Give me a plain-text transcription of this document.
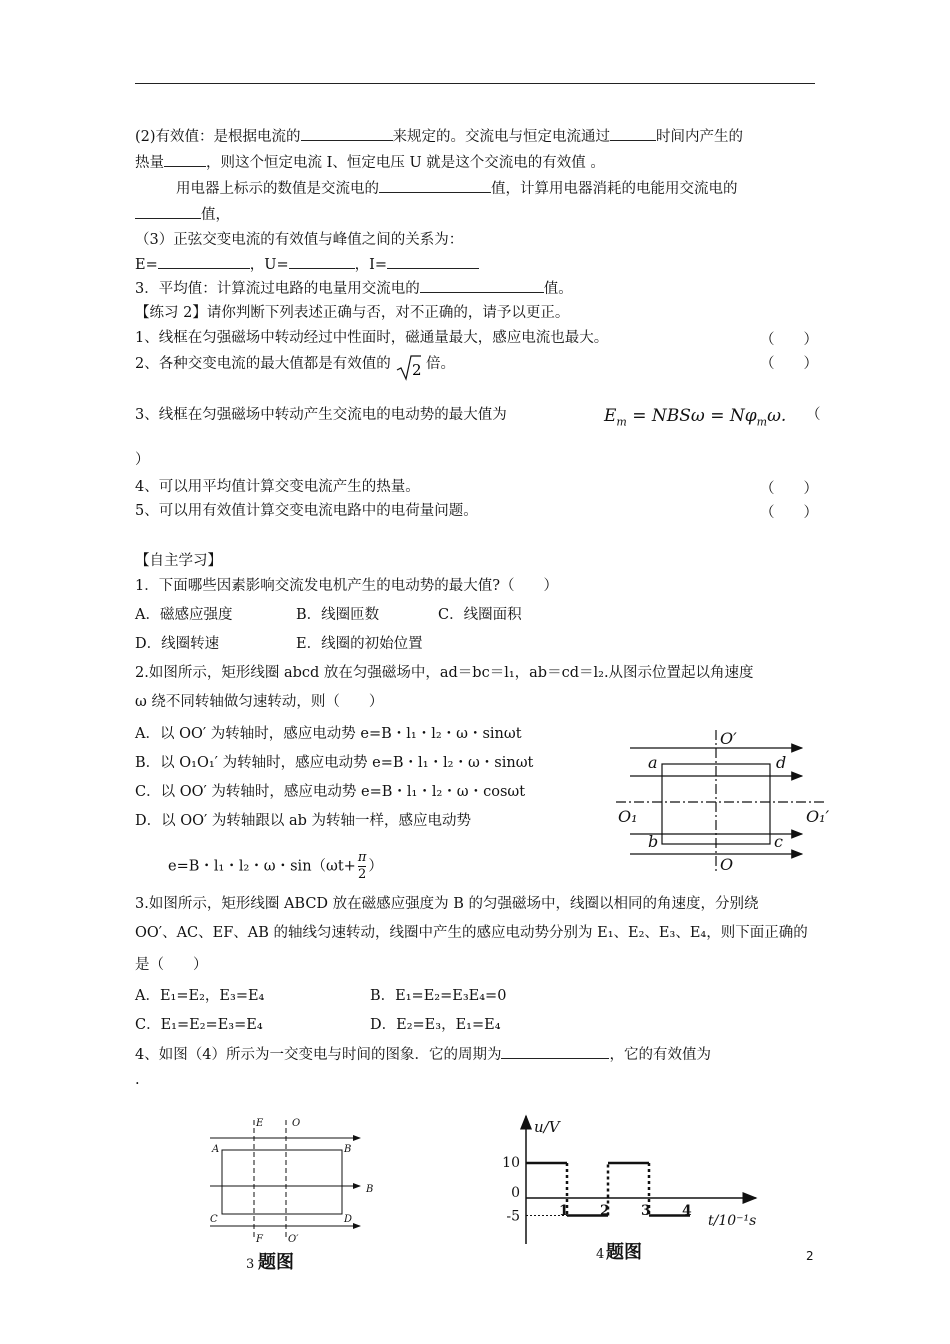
(2)有效值：是根据电流的	来规定的。交流电与恒定电流通过	时间内产生的
热量	，则这个恒定电流 I、恒定电压 U 就是这个交流电的有效值 。
用电器上标示的数值是交流电的	值，计算用电器消耗的电能用交流电的
值，
（3）正弦交变电流的有效值与峰值之间的关系为：
E=	，U=	，I=
3．平均值：计算流过电路的电量用交流电的	值。
【练习 2】请你判断下列表述正确与否，对不正确的，请予以更正。
1、线框在匀强磁场中转动经过中性面时，磁通量最大，感应电流也最大。	（　　）
2、各种交变电流的最大值都是有效值的 2 倍。	（　　）
3、线框在匀强磁场中转动产生交流电的电动势的最大值为	$E_m = NBS\omega = N\varphi_m\omega$. （
）
4、可以用平均值计算交变电流产生的热量。	（　　）
5、可以用有效值计算交变电流电路中的电荷量问题。	（　　）
【自主学习】
1．下面哪些因素影响交流发电机产生的电动势的最大值?（　　）
A．磁感应强度	B．线圈匝数	C．线圈面积
D．线圈转速	E．线圈的初始位置
2.如图所示，矩形线圈 abcd 放在匀强磁场中，ad＝bc＝l₁，ab＝cd＝l₂.从图示位置起以角速度
ω 绕不同转轴做匀速转动，则（　　）
A．以 OO′ 为转轴时，感应电动势 e=B・l₁・l₂・ω・sinωt
B．以 O₁O₁′ 为转轴时，感应电动势 e=B・l₁・l₂・ω・sinωt
C．以 OO′ 为转轴时，感应电动势 e=B・l₁・l₂・ω・cosωt
D．以 OO′ 为转轴跟以 ab 为转轴一样，感应电动势
e=B・l₁・l₂・ω・$\sin(\omega t+ \frac{\pi}{2}$ ）
O′
O
a
b	c
d
O₁	O₁′
3.如图所示，矩形线圈 ABCD 放在磁感应强度为 B 的匀强磁场中，线圈以相同的角速度，分别绕
OO′、AC、EF、AB 的轴线匀速转动，线圈中产生的感应电动势分别为 E₁、E₂、E₃、E₄，则下面正确的
是（　　）
A．E₁=E₂，E₃=E₄	B．E₁=E₂=E₃E₄=0
C．E₁=E₂=E₃=E₄	D．E₂=E₃，E₁=E₄
4、如图（4）所示为一交变电与时间的图象．它的周期为	，它的有效值为
.
E	O
A	B
B
C	D
F	O′
3 题图
u/V
t/10⁻¹s
10
0
-5	1 2 3 4
4 题图	2
